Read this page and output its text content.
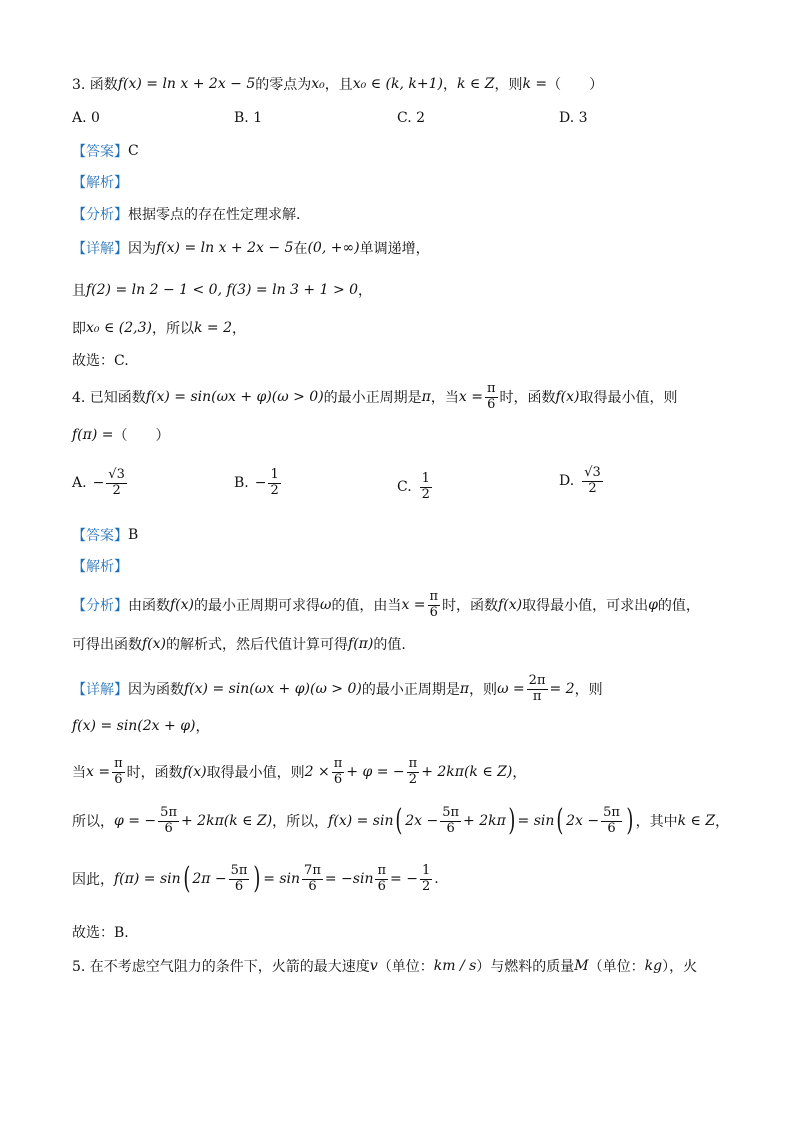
3. 函数 f(x) = ln x + 2x − 5 的零点为 x₀ ，且 x₀ ∈ (k, k+1) ， k ∈ Z ，则 k = （　　）
A. 0	B. 1	C. 2	D. 3
【答案】 C
【解析】
【分析】 根据零点的存在性定理求解.
【详解】 因为 f(x) = ln x + 2x − 5 在 (0, +∞) 单调递增，
且 f(2) = ln 2 − 1 < 0, f(3) = ln 3 + 1 > 0 ，
即 x₀ ∈ (2,3) ，所以 k = 2 ，
故选：C.
4. 已知函数 f(x) = sin(ωx + φ)(ω > 0) 的最小正周期是 π ，当 $x = \frac{\pi}{6}$ 时，函数 f(x) 取得最小值，则
f(π) = （　　）
A. − $\frac{√3}{2}$	B. − $\frac{1}{2}$	C.
1
2
D.
√3
2
【答案】 B
【解析】
【分析】 由函数 f(x) 的最小正周期可求得 ω 的值，由当 $x = \frac{\pi}{6}$ 时，函数 f(x) 取得最小值，可求出 φ 的值，
可得出函数 f(x) 的解析式，然后代值计算可得 f(π) 的值.
【详解】 因为函数 f(x) = sin(ωx + φ)(ω > 0) 的最小正周期是 π ，则 $\omega = \frac{2\pi}{\pi} = 2$ ，则
f(x) = sin(2x + φ) ，
当 $x = \frac{\pi}{6}$ 时，函数 f(x) 取得最小值，则 $2 \times \frac{\pi}{6} + \varphi$ = − $\frac{\pi}{2} + 2k\pi(k$ ∈ Z) ，
所以， φ = − $\frac{5\pi}{6} + 2k\pi(k$ ∈ Z) ，所以， f(x) = sin ( $2x - \frac{5\pi}{6} + 2k\pi$ ) = sin ( $2x - \frac{5\pi}{6}$ ) ，其中 k ∈ Z ，
因此， f(π) = sin ( $2\pi - \frac{5\pi}{6}$ ) = $\sin \frac{7\pi}{6} = -\sin \frac{\pi}{6}$ = − $\frac{1}{2}$ .
故选：B.
5. 在不考虑空气阻力的条件下，火箭的最大速度 v （单位： km / s ）与燃料的质量 M （单位： kg ），火
